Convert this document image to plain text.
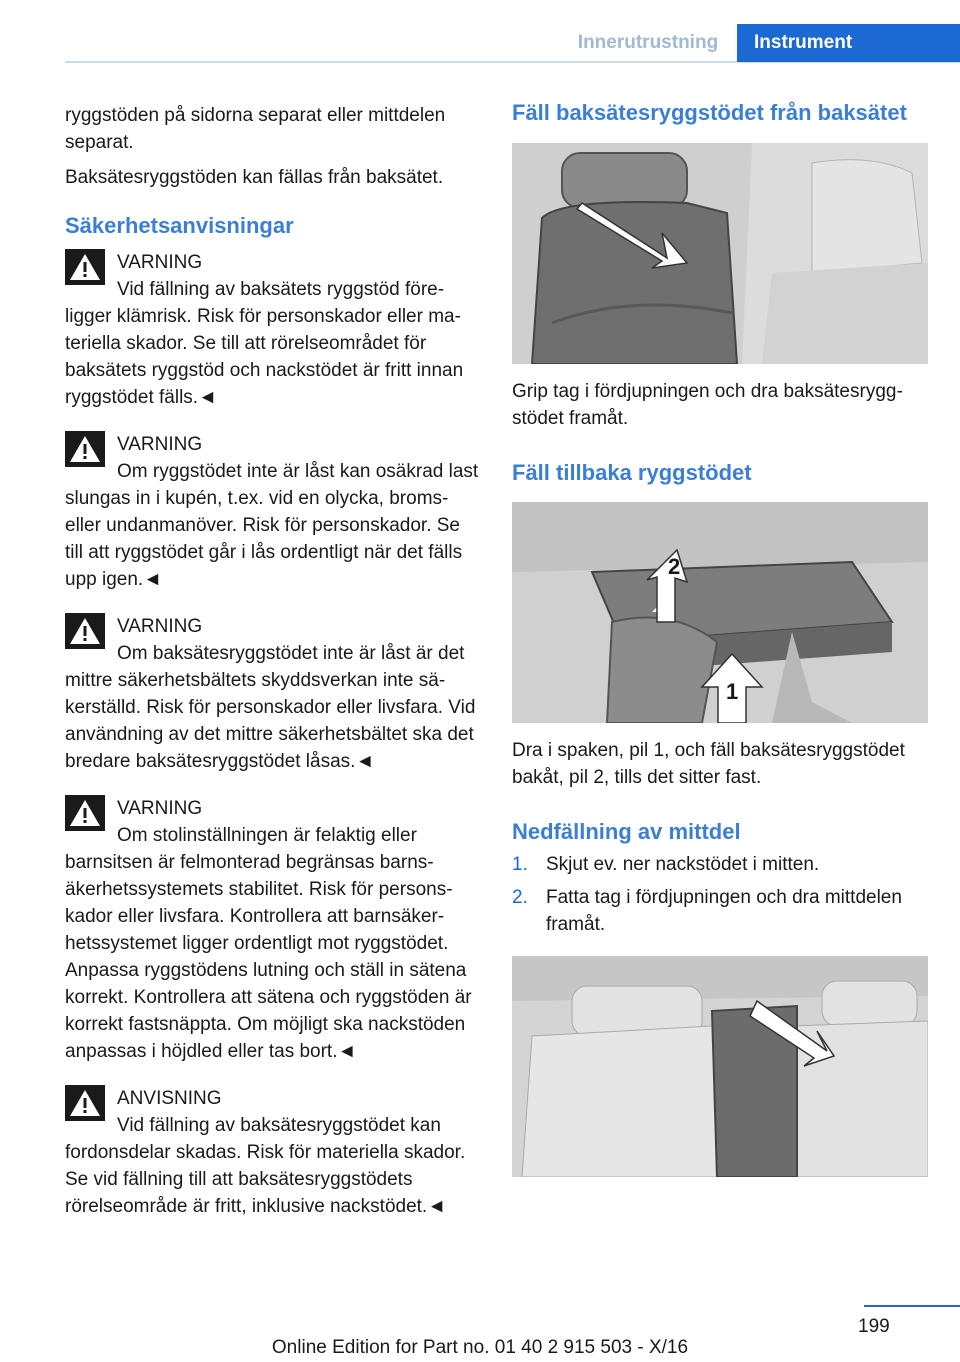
Innerutrustning	Instrument

ryggstöden på sidorna separat eller mittdelen separat.

Baksätesryggstöden kan fällas från baksätet.

Säkerhetsanvisningar
VARNING
Vid fällning av baksätets ryggstöd föreligger klämrisk. Risk för personskador eller materiella skador. Se till att rörelseområdet för baksätets ryggstöd och nackstödet är fritt innan ryggstödet fälls.◄
VARNING
Om ryggstödet inte är låst kan osäkrad last slungas in i kupén, t.ex. vid en olycka, broms- eller undanmanöver. Risk för personskador. Se till att ryggstödet går i lås ordentligt när det fälls upp igen.◄
VARNING
Om baksätesryggstödet inte är låst är det mittre säkerhetsbältets skyddsverkan inte säkerställd. Risk för personskador eller livsfara. Vid användning av det mittre säkerhetsbältet ska det bredare baksätesryggstödet låsas.◄
VARNING
Om stolinställningen är felaktig eller barnsitsen är felmonterad begränsas barnsäkerhetssystemets stabilitet. Risk för personskador eller livsfara. Kontrollera att barnsäkerhetssystemet ligger ordentligt mot ryggstödet. Anpassa ryggstödens lutning och ställ in sätena korrekt. Kontrollera att sätena och ryggstöden är korrekt fastsnäppta. Om möjligt ska nackstöden anpassas i höjdled eller tas bort.◄
ANVISNING
Vid fällning av baksätesryggstödet kan fordonsdelar skadas. Risk för materiella skador. Se vid fällning till att baksätesryggstödets rörelseområde är fritt, inklusive nackstödet.◄
Fäll baksätesryggstödet från baksätet

Grip tag i fördjupningen och dra baksätesryggstödet framåt.

Fäll tillbaka ryggstödet
2
1

Dra i spaken, pil 1, och fäll baksätesryggstödet bakåt, pil 2, tills det sitter fast.

Nedfällning av mittdel
1. Skjut ev. ner nackstödet i mitten.
2. Fatta tag i fördjupningen och dra mittdelen framåt.
199
Online Edition for Part no. 01 40 2 915 503 - X/16
